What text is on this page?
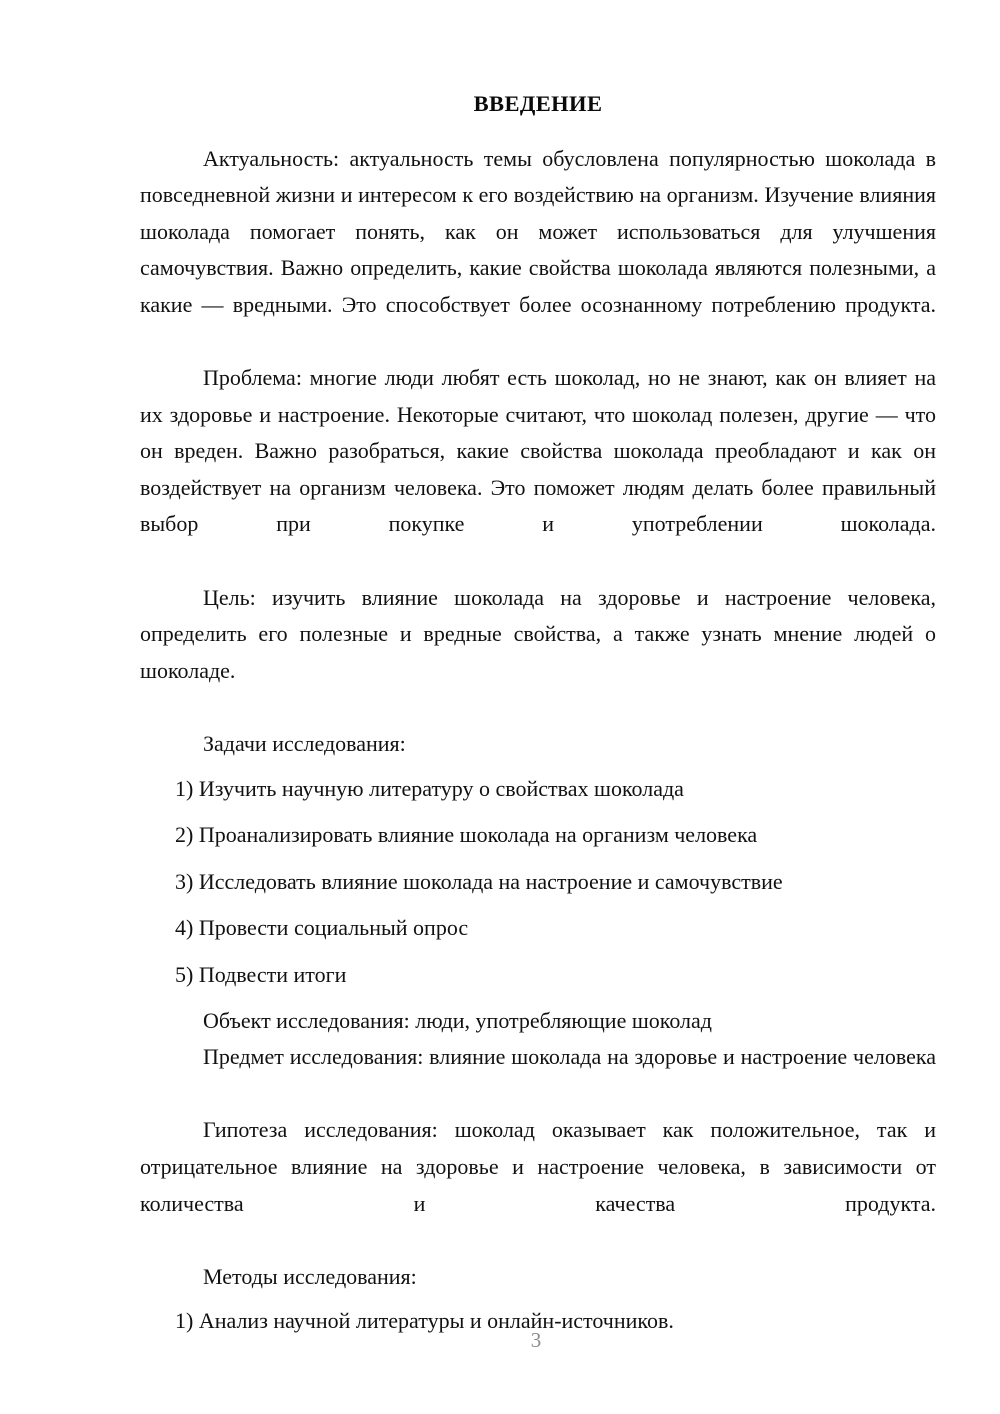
ВВЕДЕНИЕ

Актуальность: актуальность темы обусловлена популярностью шоколада в повседневной жизни и интересом к его воздействию на организм. Изучение влияния шоколада помогает понять, как он может использоваться для улучшения самочувствия. Важно определить, какие свойства шоколада являются полезными, а какие — вредными. Это способствует более осознанному потреблению продукта.

Проблема: многие люди любят есть шоколад, но не знают, как он влияет на их здоровье и настроение. Некоторые считают, что шоколад полезен, другие — что он вреден. Важно разобраться, какие свойства шоколада преобладают и как он воздействует на организм человека. Это поможет людям делать более правильный выбор при покупке и употреблении шоколада.

Цель: изучить влияние шоколада на здоровье и настроение человека, определить его полезные и вредные свойства, а также узнать мнение людей о шоколаде.

Задачи исследования:

1) Изучить научную литературу о свойствах шоколада

2) Проанализировать влияние шоколада на организм человека

3) Исследовать влияние шоколада на настроение и самочувствие

4) Провести социальный опрос

5) Подвести итоги

Объект исследования: люди, употребляющие шоколад

Предмет исследования: влияние шоколада на здоровье и настроение человека

Гипотеза исследования: шоколад оказывает как положительное, так и отрицательное влияние на здоровье и настроение человека, в зависимости от количества и качества продукта.

Методы исследования:

1) Анализ научной литературы и онлайн-источников.

3
